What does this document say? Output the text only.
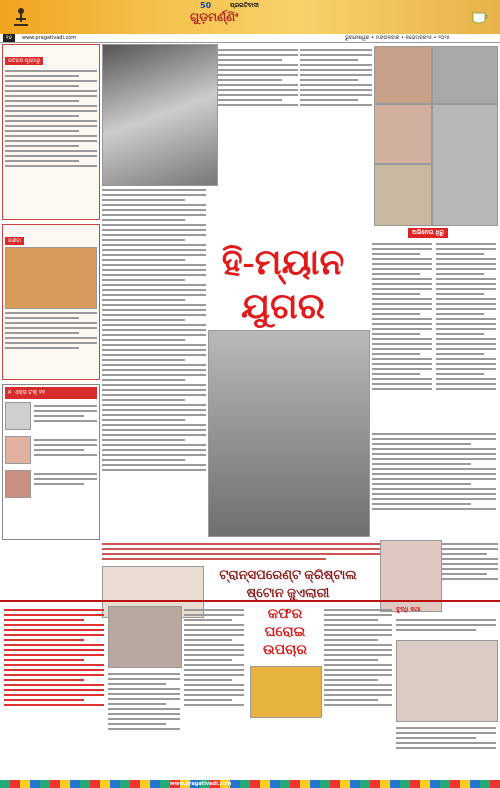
50	ପ୍ରଗତିବାଦୀ
ଗୁଡ଼ମର୍ଣ୍ଣିଂ
୧୬	www.pragativadi.com	ଭୁବନେଶ୍ୱର • ମଙ୍ଗଳବାର • ନଭେମ୍ବର୨୫ • ୨୦୨୫
ଇତିହାସ ପୃଷ୍ଠାରୁ
ଜାଣିବା
✕ ଏକ୍ସ ଟକ୍ ୧୧
ହି-ମ୍ୟାନ
ଯୁଗର
ଅଭିନେତା ଧିରୁ
ଟ୍ରାନ୍ସପରେଣ୍ଟ କ୍ରିଷ୍ଟାଲ
ଷ୍ଟୋନ ଜୁଏଲାରୀ
କଫର
ଘରୋଇ
ଉପଚାର
ବୁଦ୍ଧି କଥା
www.pragativadi.com
